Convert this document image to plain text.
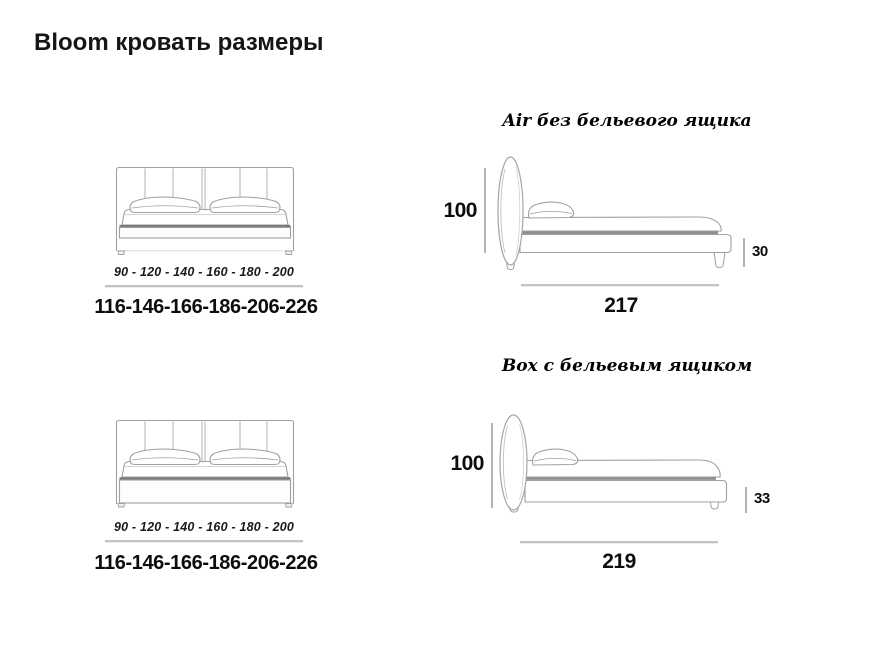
Bloom кровать размеры
Air без бельевого ящика
90 - 120 - 140 - 160 - 180 - 200
116-146-166-186-206-226
100
30
217
Box с бельевым ящиком
90 - 120 - 140 - 160 - 180 - 200
116-146-166-186-206-226
100
33
219
